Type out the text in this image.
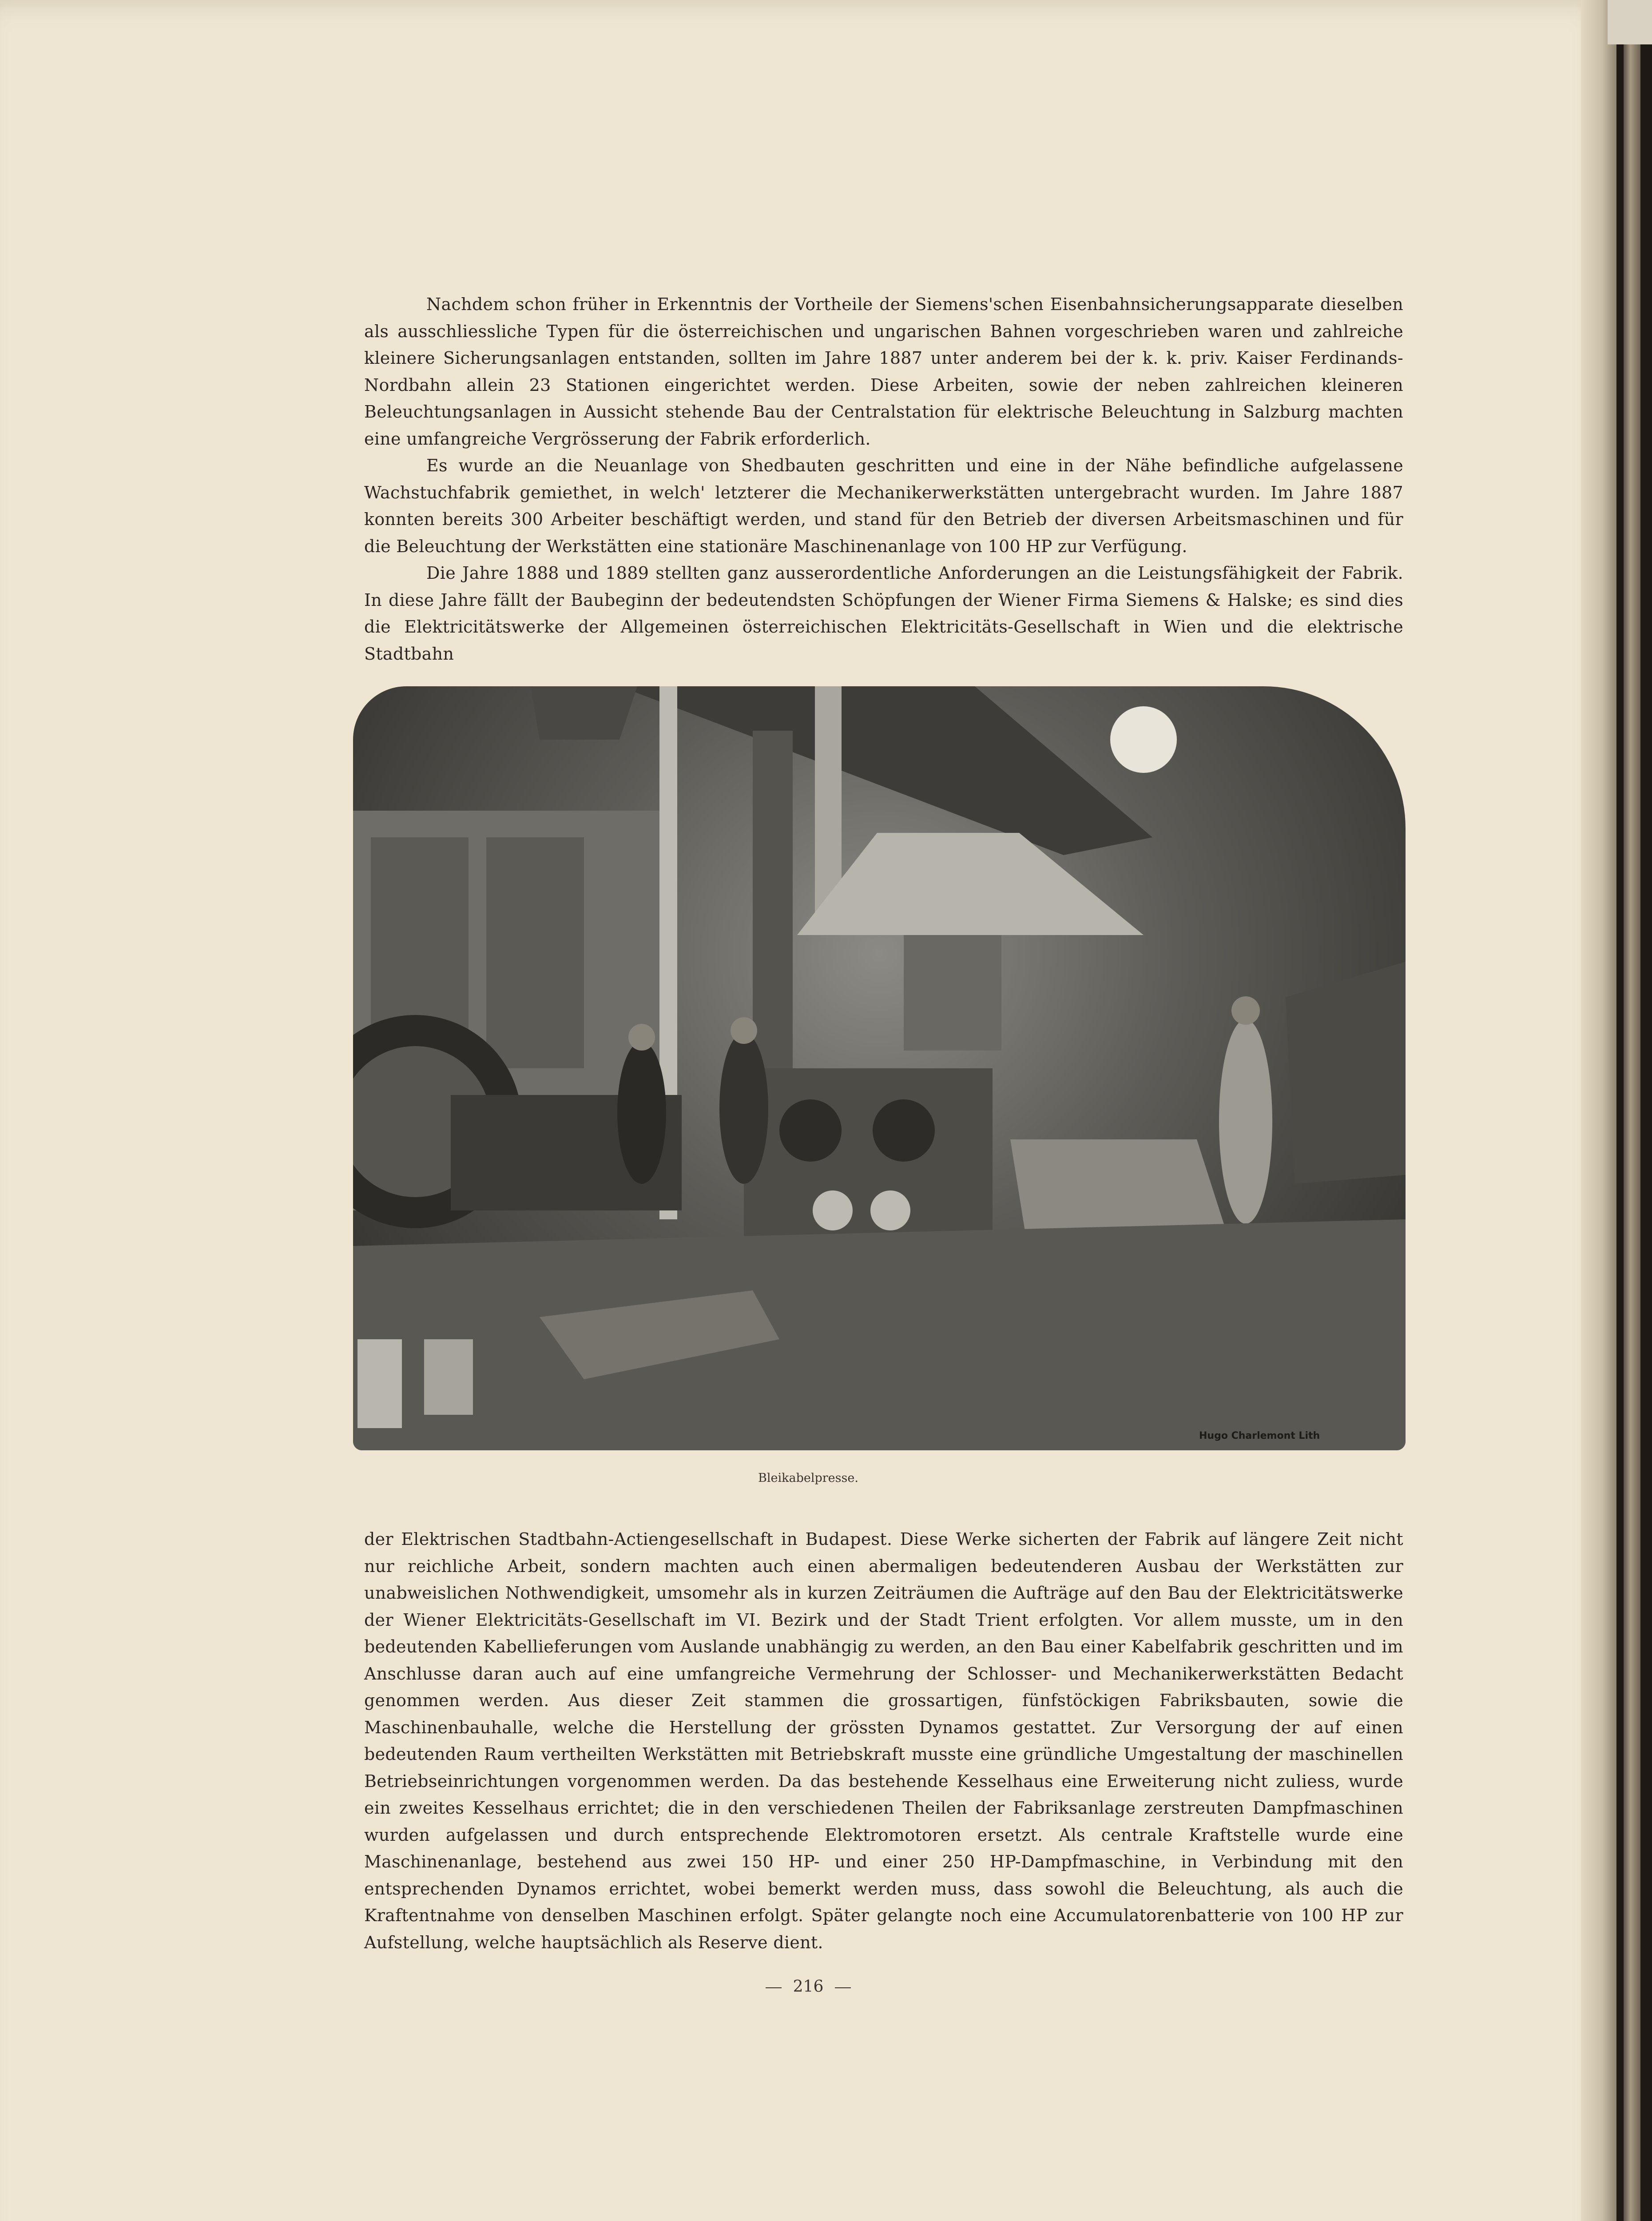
Nachdem schon früher in Erkenntnis der Vortheile der Siemens'schen Eisenbahnsicherungsapparate dieselben als ausschliessliche Typen für die österreichischen und ungarischen Bahnen vorgeschrieben waren und zahlreiche kleinere Sicherungsanlagen entstanden, sollten im Jahre 1887 unter anderem bei der k. k. priv. Kaiser Ferdinands-Nordbahn allein 23 Stationen eingerichtet werden. Diese Arbeiten, sowie der neben zahlreichen kleineren Beleuchtungsanlagen in Aussicht stehende Bau der Centralstation für elektrische Beleuchtung in Salzburg machten eine umfangreiche Vergrösserung der Fabrik erforderlich.

Es wurde an die Neuanlage von Shedbauten geschritten und eine in der Nähe befindliche aufgelassene Wachstuchfabrik gemiethet, in welch' letzterer die Mechanikerwerkstätten untergebracht wurden. Im Jahre 1887 konnten bereits 300 Arbeiter beschäftigt werden, und stand für den Betrieb der diversen Arbeitsmaschinen und für die Beleuchtung der Werkstätten eine stationäre Maschinenanlage von 100 HP zur Verfügung.

Die Jahre 1888 und 1889 stellten ganz ausserordentliche Anforderungen an die Leistungsfähigkeit der Fabrik. In diese Jahre fällt der Baubeginn der bedeutendsten Schöpfungen der Wiener Firma Siemens & Halske; es sind dies die Elektricitätswerke der Allgemeinen österreichischen Elektricitäts-Gesellschaft in Wien und die elektrische Stadtbahn

Hugo Charlemont Lith
Bleikabelpresse.

der Elektrischen Stadtbahn-Actiengesellschaft in Budapest. Diese Werke sicherten der Fabrik auf längere Zeit nicht nur reichliche Arbeit, sondern machten auch einen abermaligen bedeutenderen Ausbau der Werkstätten zur unabweislichen Nothwendigkeit, umsomehr als in kurzen Zeiträumen die Aufträge auf den Bau der Elektricitätswerke der Wiener Elektricitäts-Gesellschaft im VI. Bezirk und der Stadt Trient erfolgten. Vor allem musste, um in den bedeutenden Kabellieferungen vom Auslande unabhängig zu werden, an den Bau einer Kabelfabrik geschritten und im Anschlusse daran auch auf eine umfangreiche Vermehrung der Schlosser- und Mechanikerwerkstätten Bedacht genommen werden. Aus dieser Zeit stammen die grossartigen, fünfstöckigen Fabriksbauten, sowie die Maschinenbauhalle, welche die Herstellung der grössten Dynamos gestattet. Zur Versorgung der auf einen bedeutenden Raum vertheilten Werkstätten mit Betriebskraft musste eine gründliche Umgestaltung der maschinellen Betriebseinrichtungen vorgenommen werden. Da das bestehende Kesselhaus eine Erweiterung nicht zuliess, wurde ein zweites Kesselhaus errichtet; die in den verschiedenen Theilen der Fabriksanlage zerstreuten Dampfmaschinen wurden aufgelassen und durch entsprechende Elektromotoren ersetzt. Als centrale Kraftstelle wurde eine Maschinenanlage, bestehend aus zwei 150 HP- und einer 250 HP-Dampfmaschine, in Verbindung mit den entsprechenden Dynamos errichtet, wobei bemerkt werden muss, dass sowohl die Beleuchtung, als auch die Kraftentnahme von denselben Maschinen erfolgt. Später gelangte noch eine Accumulatorenbatterie von 100 HP zur Aufstellung, welche hauptsächlich als Reserve dient.

216
